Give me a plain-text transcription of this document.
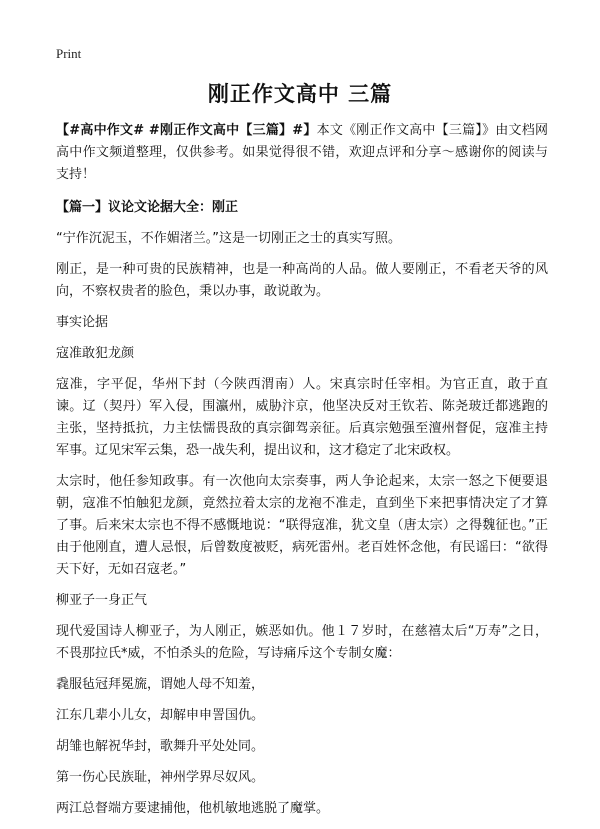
Print
刚正作文高中 三篇

【#高中作文# #刚正作文高中【三篇】#】本文《刚正作文高中【三篇】》由文档网高中作文频道整理，仅供参考。如果觉得很不错，欢迎点评和分享～感谢你的阅读与支持！

【篇一】议论文论据大全：刚正

“宁作沉泥玉，不作媚渚兰。”这是一切刚正之士的真实写照。

刚正，是一种可贵的民族精神，也是一种高尚的人品。做人要刚正，不看老天爷的风向，不察权贵者的脸色，秉以办事，敢说敢为。

事实论据

寇准敢犯龙颜

寇准，字平促，华州下封（今陕西渭南）人。宋真宗时任宰相。为官正直，敢于直谏。辽（契丹）军入侵，围瀛州，威胁汴京，他坚决反对王钦若、陈尧玻迁都逃跑的主张，坚持抵抗，力主怯懦畏敌的真宗御驾亲征。后真宗勉强至澶州督促，寇准主持军事。辽见宋军云集，恐一战失利，提出议和，这才稳定了北宋政权。

太宗时，他任参知政事。有一次他向太宗奏事，两人争论起来，太宗一怒之下便要退朝，寇准不怕触犯龙颜，竟然拉着太宗的龙袍不准走，直到坐下来把事情决定了才算了事。后来宋太宗也不得不感慨地说：“联得寇准，犹文皇（唐太宗）之得魏征也。”正由于他刚直，遭人忌恨，后曾数度被贬，病死雷州。老百姓怀念他，有民谣曰：“欲得天下好，无如召寇老。”

柳亚子一身正气

现代爱国诗人柳亚子，为人刚正，嫉恶如仇。他１７岁时，在慈禧太后“万寿”之日，不畏那拉氏*威，不怕杀头的危险，写诗痛斥这个专制女魔：

毳服毡冠拜冕旒，谓她人母不知羞，

江东几辈小儿女，却解申申詈国仇。

胡雏也解祝华封，歌舞升平处处同。

第一伤心民族耻，神州学界尽奴风。

两江总督端方要逮捕他，他机敏地逃脱了魔掌。
